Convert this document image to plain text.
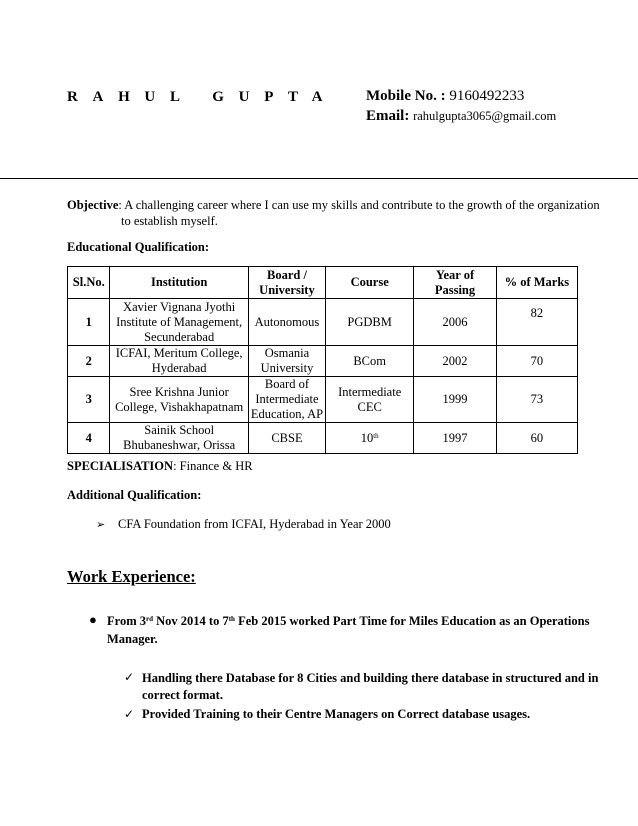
RAHUL GUPTA Mobile No. : 9160492233
Email: rahulgupta3065@gmail.com
Objective: A challenging career where I can use my skills and contribute to the growth of the organization
to establish myself.
Educational Qualification:
Sl.No.	Institution	Board / University	Course	Year of Passing	% of Marks
1	Xavier Vignana Jyothi Institute of Management, Secunderabad	Autonomous	PGDBM	2006	82
2	ICFAI, Meritum College, Hyderabad	Osmania University	BCom	2002	70
3	Sree Krishna Junior College, Vishakhapatnam	Board of Intermediate Education, AP	Intermediate CEC	1999	73
4	Sainik School Bhubaneshwar, Orissa	CBSE	10th	1997	60
SPECIALISATION: Finance & HR
Additional Qualification:
➢ CFA Foundation from ICFAI, Hyderabad in Year 2000
Work Experience:
● From 3rd Nov 2014 to 7th Feb 2015 worked Part Time for Miles Education as an Operations Manager.
✓ Handling there Database for 8 Cities and building there database in structured and in correct format.
✓ Provided Training to their Centre Managers on Correct database usages.
